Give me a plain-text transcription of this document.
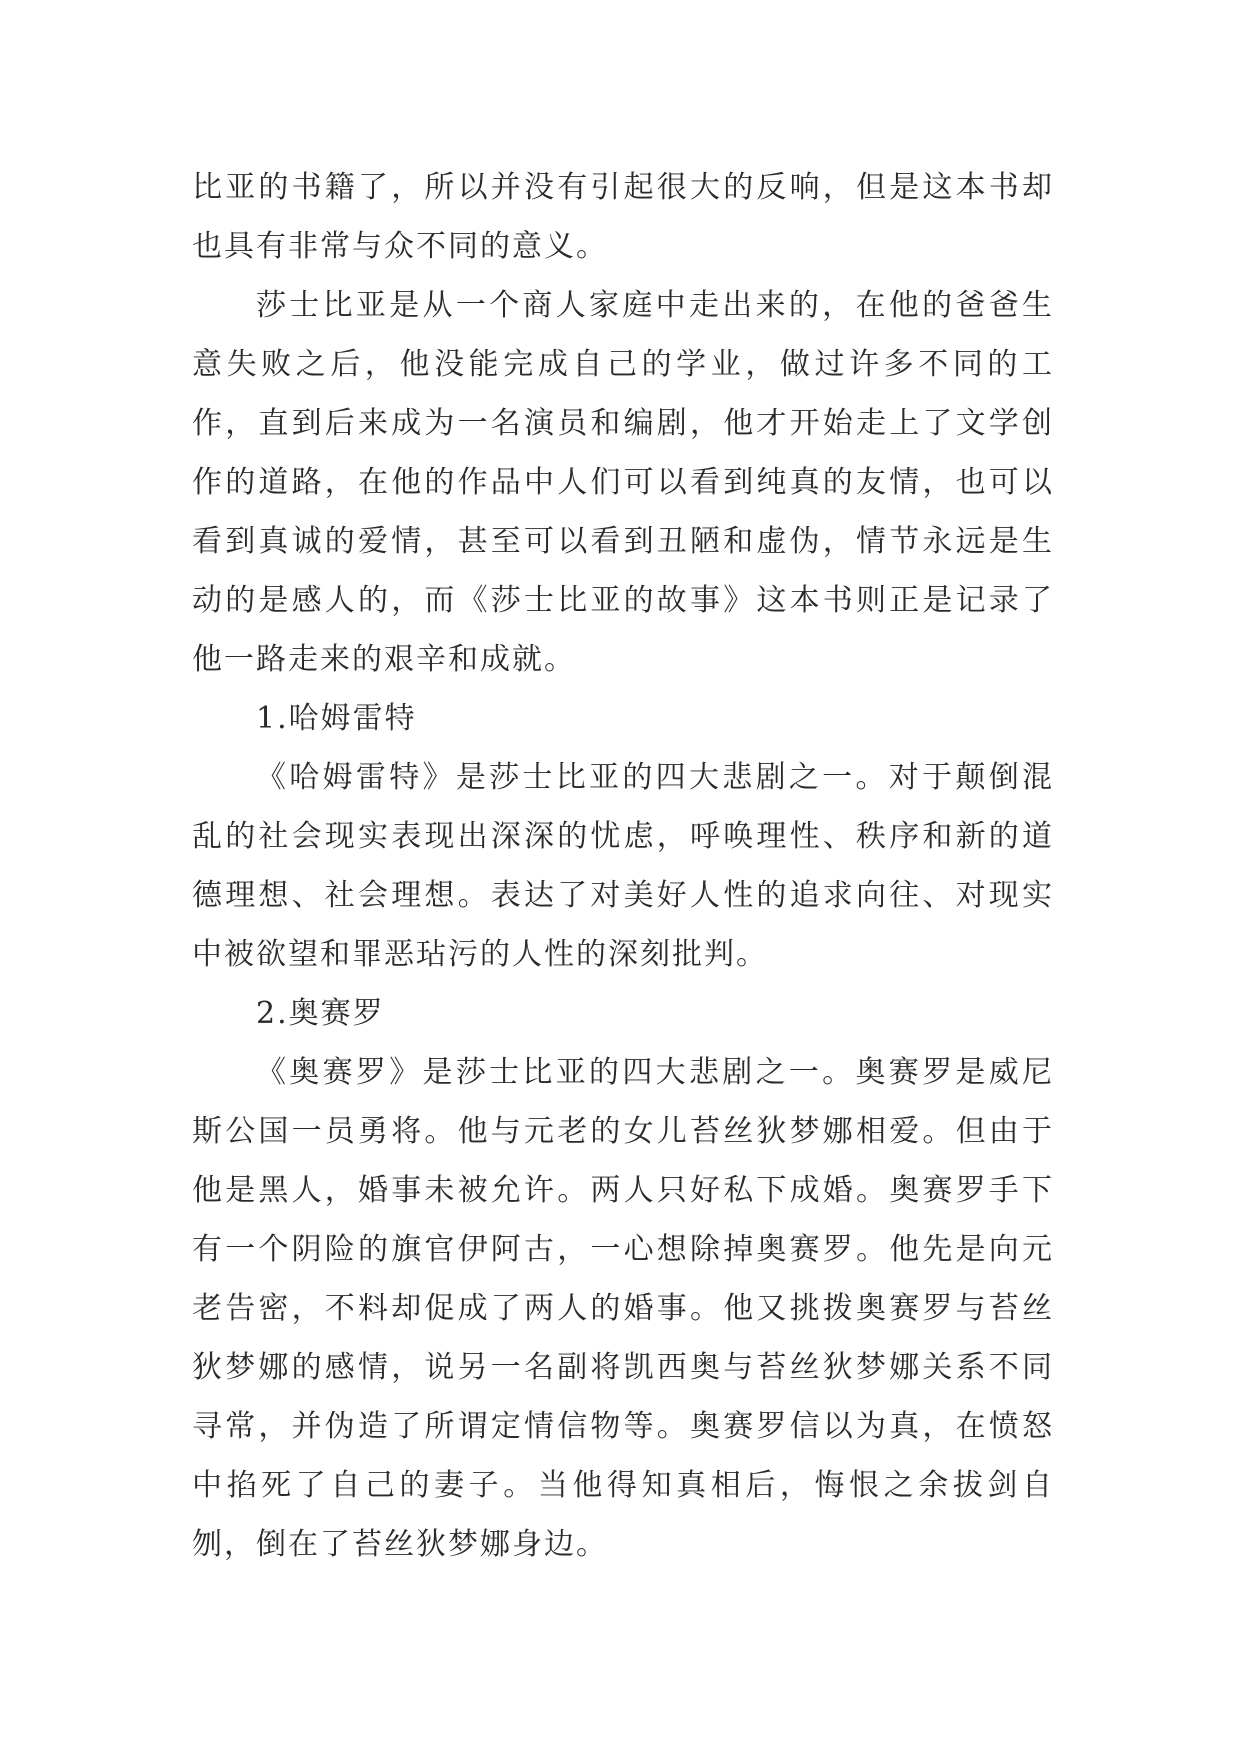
比亚的书籍了，所以并没有引起很大的反响，但是这本书却也具有非常与众不同的意义。

莎士比亚是从一个商人家庭中走出来的，在他的爸爸生意失败之后，他没能完成自己的学业，做过许多不同的工作，直到后来成为一名演员和编剧，他才开始走上了文学创作的道路，在他的作品中人们可以看到纯真的友情，也可以看到真诚的爱情，甚至可以看到丑陋和虚伪，情节永远是生动的是感人的，而《莎士比亚的故事》这本书则正是记录了他一路走来的艰辛和成就。

1.哈姆雷特

《哈姆雷特》是莎士比亚的四大悲剧之一。对于颠倒混乱的社会现实表现出深深的忧虑，呼唤理性、秩序和新的道德理想、社会理想。表达了对美好人性的追求向往、对现实中被欲望和罪恶玷污的人性的深刻批判。

2.奥赛罗

《奥赛罗》是莎士比亚的四大悲剧之一。奥赛罗是威尼斯公国一员勇将。他与元老的女儿苔丝狄梦娜相爱。但由于他是黑人，婚事未被允许。两人只好私下成婚。奥赛罗手下有一个阴险的旗官伊阿古，一心想除掉奥赛罗。他先是向元老告密，不料却促成了两人的婚事。他又挑拨奥赛罗与苔丝狄梦娜的感情，说另一名副将凯西奥与苔丝狄梦娜关系不同寻常，并伪造了所谓定情信物等。奥赛罗信以为真，在愤怒中掐死了自己的妻子。当他得知真相后，悔恨之余拔剑自刎，倒在了苔丝狄梦娜身边。
